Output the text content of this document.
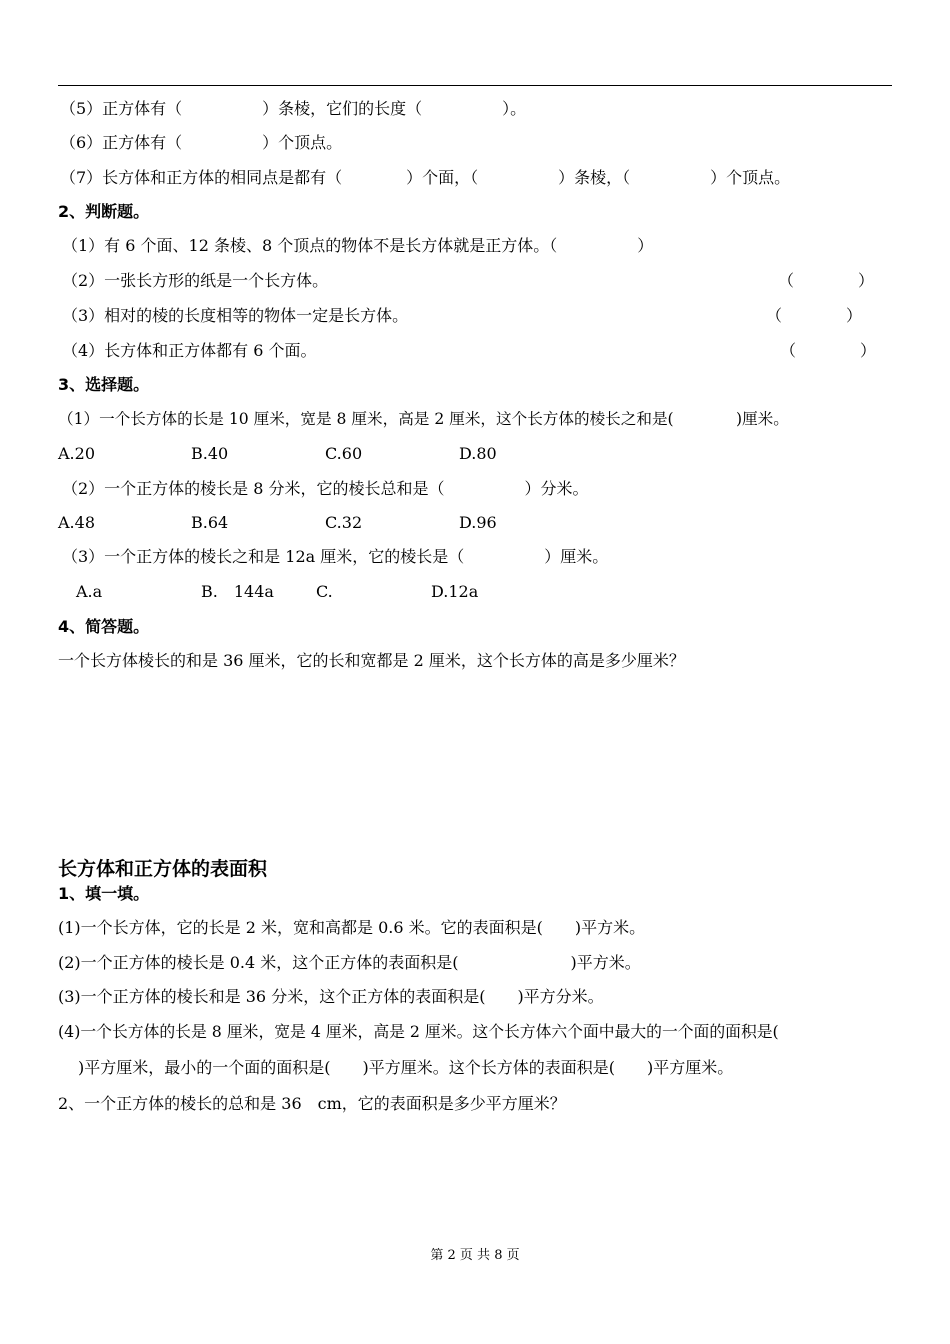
（5）正方体有（　　　　　）条棱，它们的长度（　　　　　）。
（6）正方体有（　　　　　）个顶点。
（7）长方体和正方体的相同点是都有（　　　　）个面，（　　　　　）条棱，（　　　　　）个顶点。
2、判断题。
（1）有 6 个面、12 条棱、8 个顶点的物体不是长方体就是正方体。（　　　　　）
（2）一张长方形的纸是一个长方体。	（　　　　）
（3）相对的棱的长度相等的物体一定是长方体。	（　　　　）
（4）长方体和正方体都有 6 个面。	（　　　　）
3、选择题。
（1）一个长方体的长是 10 厘米，宽是 8 厘米，高是 2 厘米，这个长方体的棱长之和是(　　　　)厘米。
A.20	B.40	C.60	D.80
（2）一个正方体的棱长是 8 分米，它的棱长总和是（　　　　　）分米。
A.48	B.64	C.32	D.96
（3）一个正方体的棱长之和是 12a 厘米，它的棱长是（　　　　　）厘米。
A.a	B.　144a	C.	D.12a
4、简答题。
一个长方体棱长的和是 36 厘米，它的长和宽都是 2 厘米，这个长方体的高是多少厘米？
长方体和正方体的表面积
1、填一填。
(1)一个长方体，它的长是 2 米，宽和高都是 0.6 米。它的表面积是(　　)平方米。
(2)一个正方体的棱长是 0.4 米，这个正方体的表面积是(　　　　　　　)平方米。
(3)一个正方体的棱长和是 36 分米，这个正方体的表面积是(　　)平方分米。
(4)一个长方体的长是 8 厘米，宽是 4 厘米，高是 2 厘米。这个长方体六个面中最大的一个面的面积是(
　)平方厘米，最小的一个面的面积是(　　)平方厘米。这个长方体的表面积是(　　)平方厘米。
2、一个正方体的棱长的总和是 36　cm，它的表面积是多少平方厘米？
第 2 页 共 8 页
